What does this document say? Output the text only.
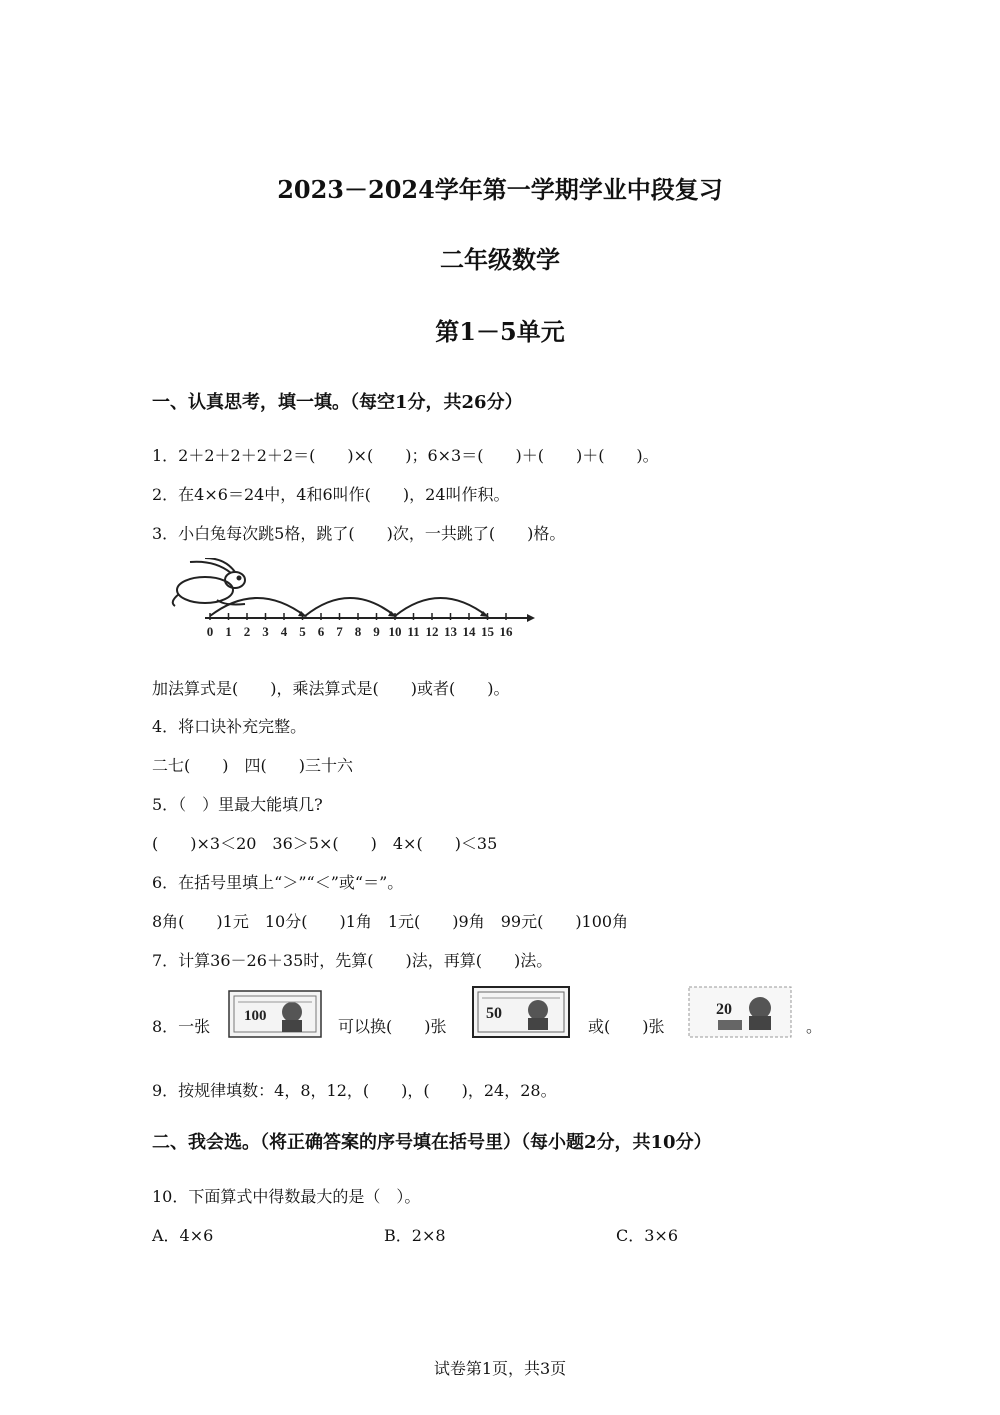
2023－2024学年第一学期学业中段复习
二年级数学
第1－5单元
一、认真思考，填一填。（每空1分，共26分）
1．2＋2＋2＋2＋2＝(　　)×(　　)；6×3＝(　　)＋(　　)＋(　　)。
2．在4×6＝24中，4和6叫作(　　)，24叫作积。
3．小白兔每次跳5格，跳了(　　)次，一共跳了(　　)格。
0 1 2 3 4 5 6 7 8 9 10 11 12 13 14 15 16
加法算式是(　　)，乘法算式是(　　)或者(　　)。
4．将口诀补充完整。
二七(　　)　四(　　)三十六
5．（　）里最大能填几?
(　　)×3＜20　36＞5×(　　)　4×(　　)＜35
6．在括号里填上“＞”“＜”或“＝”。
8角(　　)1元　10分(　　)1角　1元(　　)9角　99元(　　)100角
7．计算36－26＋35时，先算(　　)法，再算(　　)法。
8．一张
100
可以换(　　)张
50
或(　　)张
20
。
9．按规律填数：4，8，12，(　　)，(　　)，24，28。
二、我会选。（将正确答案的序号填在括号里）（每小题2分，共10分）
10．下面算式中得数最大的是（　）。
A．4×6	B．2×8	C．3×6
试卷第1页，共3页
